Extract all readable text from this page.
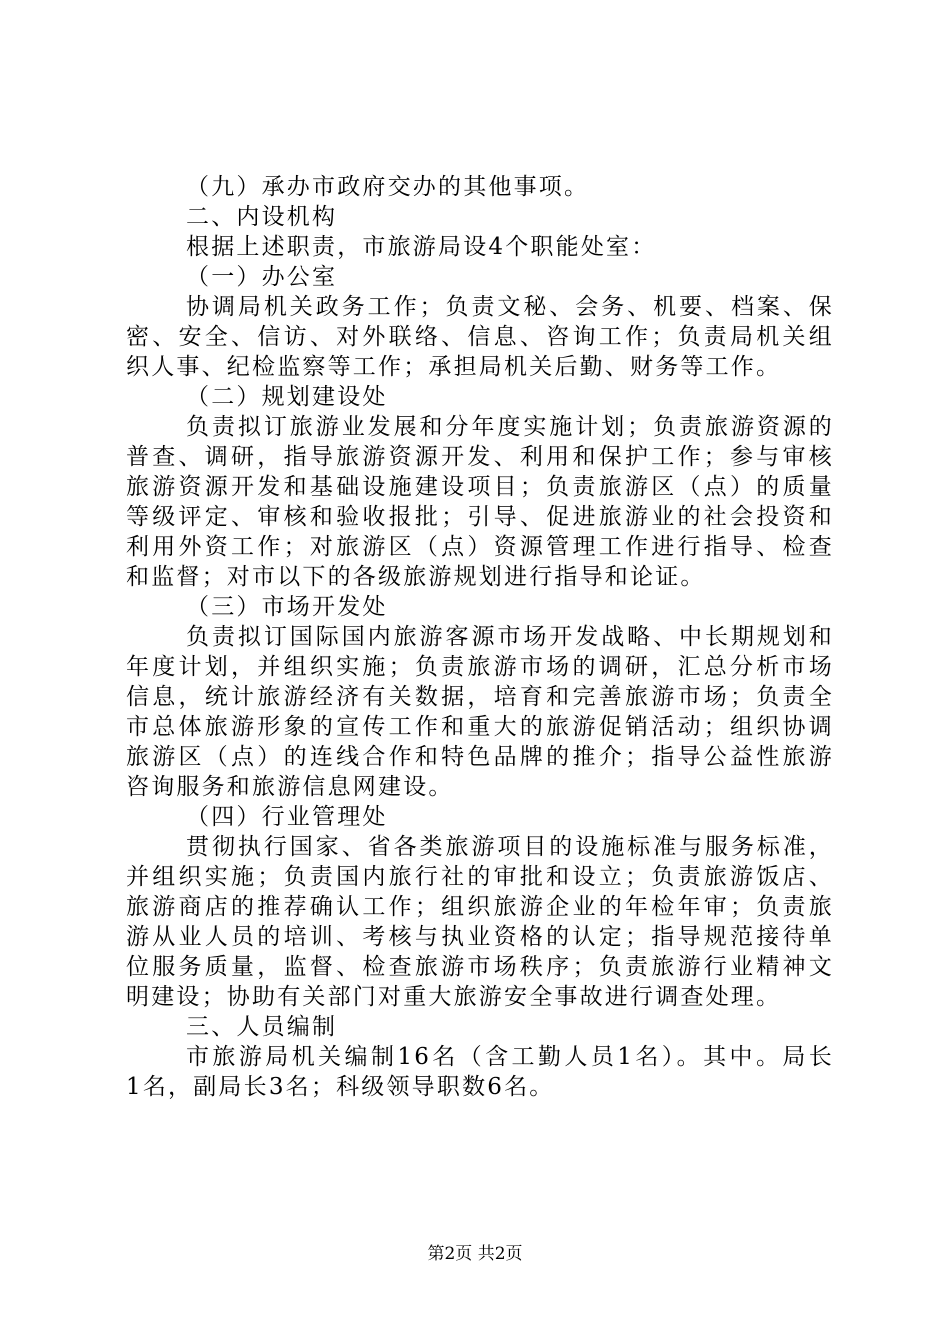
（九）承办市政府交办的其他事项。
二、内设机构
根据上述职责，市旅游局设4个职能处室：
（一）办公室
协调局机关政务工作；负责文秘、会务、机要、档案、保
密、安全、信访、对外联络、信息、咨询工作；负责局机关组
织人事、纪检监察等工作；承担局机关后勤、财务等工作。
（二）规划建设处
负责拟订旅游业发展和分年度实施计划；负责旅游资源的
普查、调研，指导旅游资源开发、利用和保护工作；参与审核
旅游资源开发和基础设施建设项目；负责旅游区（点）的质量
等级评定、审核和验收报批；引导、促进旅游业的社会投资和
利用外资工作；对旅游区（点）资源管理工作进行指导、检查
和监督；对市以下的各级旅游规划进行指导和论证。
（三）市场开发处
负责拟订国际国内旅游客源市场开发战略、中长期规划和
年度计划，并组织实施；负责旅游市场的调研，汇总分析市场
信息，统计旅游经济有关数据，培育和完善旅游市场；负责全
市总体旅游形象的宣传工作和重大的旅游促销活动；组织协调
旅游区（点）的连线合作和特色品牌的推介；指导公益性旅游
咨询服务和旅游信息网建设。
（四）行业管理处
贯彻执行国家、省各类旅游项目的设施标准与服务标准，
并组织实施；负责国内旅行社的审批和设立；负责旅游饭店、
旅游商店的推荐确认工作；组织旅游企业的年检年审；负责旅
游从业人员的培训、考核与执业资格的认定；指导规范接待单
位服务质量，监督、检查旅游市场秩序；负责旅游行业精神文
明建设；协助有关部门对重大旅游安全事故进行调查处理。
三、人员编制
市旅游局机关编制16名（含工勤人员1名）。其中。局长
1名，副局长3名；科级领导职数6名。
第2页 共2页
